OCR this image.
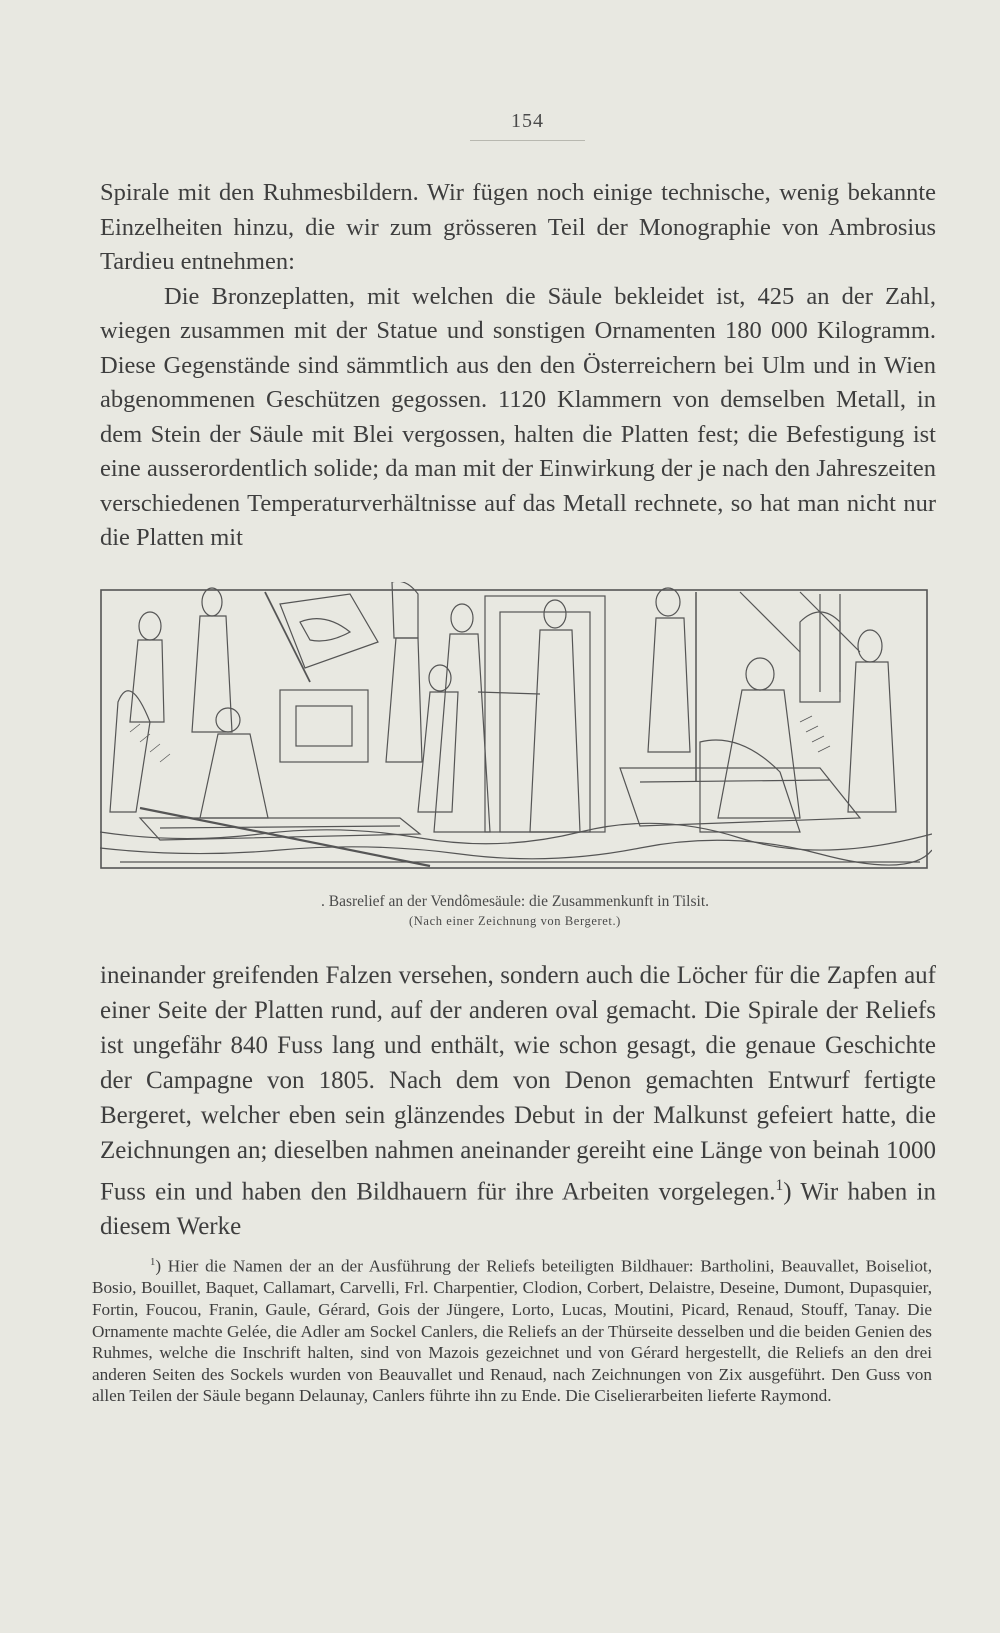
154

Spirale mit den Ruhmesbildern. Wir fügen noch einige technische, wenig bekannte Einzelheiten hinzu, die wir zum grösseren Teil der Monographie von Ambrosius Tardieu entnehmen:

Die Bronzeplatten, mit welchen die Säule bekleidet ist, 425 an der Zahl, wiegen zusammen mit der Statue und sonstigen Ornamenten 180 000 Kilogramm. Diese Gegenstände sind sämmtlich aus den den Österreichern bei Ulm und in Wien abgenommenen Geschützen gegossen. 1120 Klammern von demselben Metall, in dem Stein der Säule mit Blei vergossen, halten die Platten fest; die Befestigung ist eine ausserordentlich solide; da man mit der Einwirkung der je nach den Jahreszeiten verschiedenen Temperaturverhältnisse auf das Metall rechnete, so hat man nicht nur die Platten mit

. Basrelief an der Vendômesäule: die Zusammenkunft in Tilsit.
(Nach einer Zeichnung von Bergeret.)

ineinander greifenden Falzen versehen, sondern auch die Löcher für die Zapfen auf einer Seite der Platten rund, auf der anderen oval gemacht. Die Spirale der Reliefs ist ungefähr 840 Fuss lang und enthält, wie schon gesagt, die genaue Geschichte der Campagne von 1805. Nach dem von Denon gemachten Entwurf fertigte Bergeret, welcher eben sein glänzendes Debut in der Malkunst gefeiert hatte, die Zeichnungen an; dieselben nahmen aneinander gereiht eine Länge von beinah 1000 Fuss ein und haben den Bildhauern für ihre Arbeiten vorgelegen.$^1$) Wir haben in diesem Werke

$^1$) Hier die Namen der an der Ausführung der Reliefs beteiligten Bildhauer: Bartholini, Beauvallet, Boiseliot, Bosio, Bouillet, Baquet, Callamart, Carvelli, Frl. Charpentier, Clodion, Corbert, Delaistre, Deseine, Dumont, Dupasquier, Fortin, Foucou, Franin, Gaule, Gérard, Gois der Jüngere, Lorto, Lucas, Moutini, Picard, Renaud, Stouff, Tanay. Die Ornamente machte Gelée, die Adler am Sockel Canlers, die Reliefs an der Thürseite desselben und die beiden Genien des Ruhmes, welche die Inschrift halten, sind von Mazois gezeichnet und von Gérard hergestellt, die Reliefs an den drei anderen Seiten des Sockels wurden von Beauvallet und Renaud, nach Zeichnungen von Zix ausgeführt. Den Guss von allen Teilen der Säule begann Delaunay, Canlers führte ihn zu Ende. Die Ciselierarbeiten lieferte Raymond.
